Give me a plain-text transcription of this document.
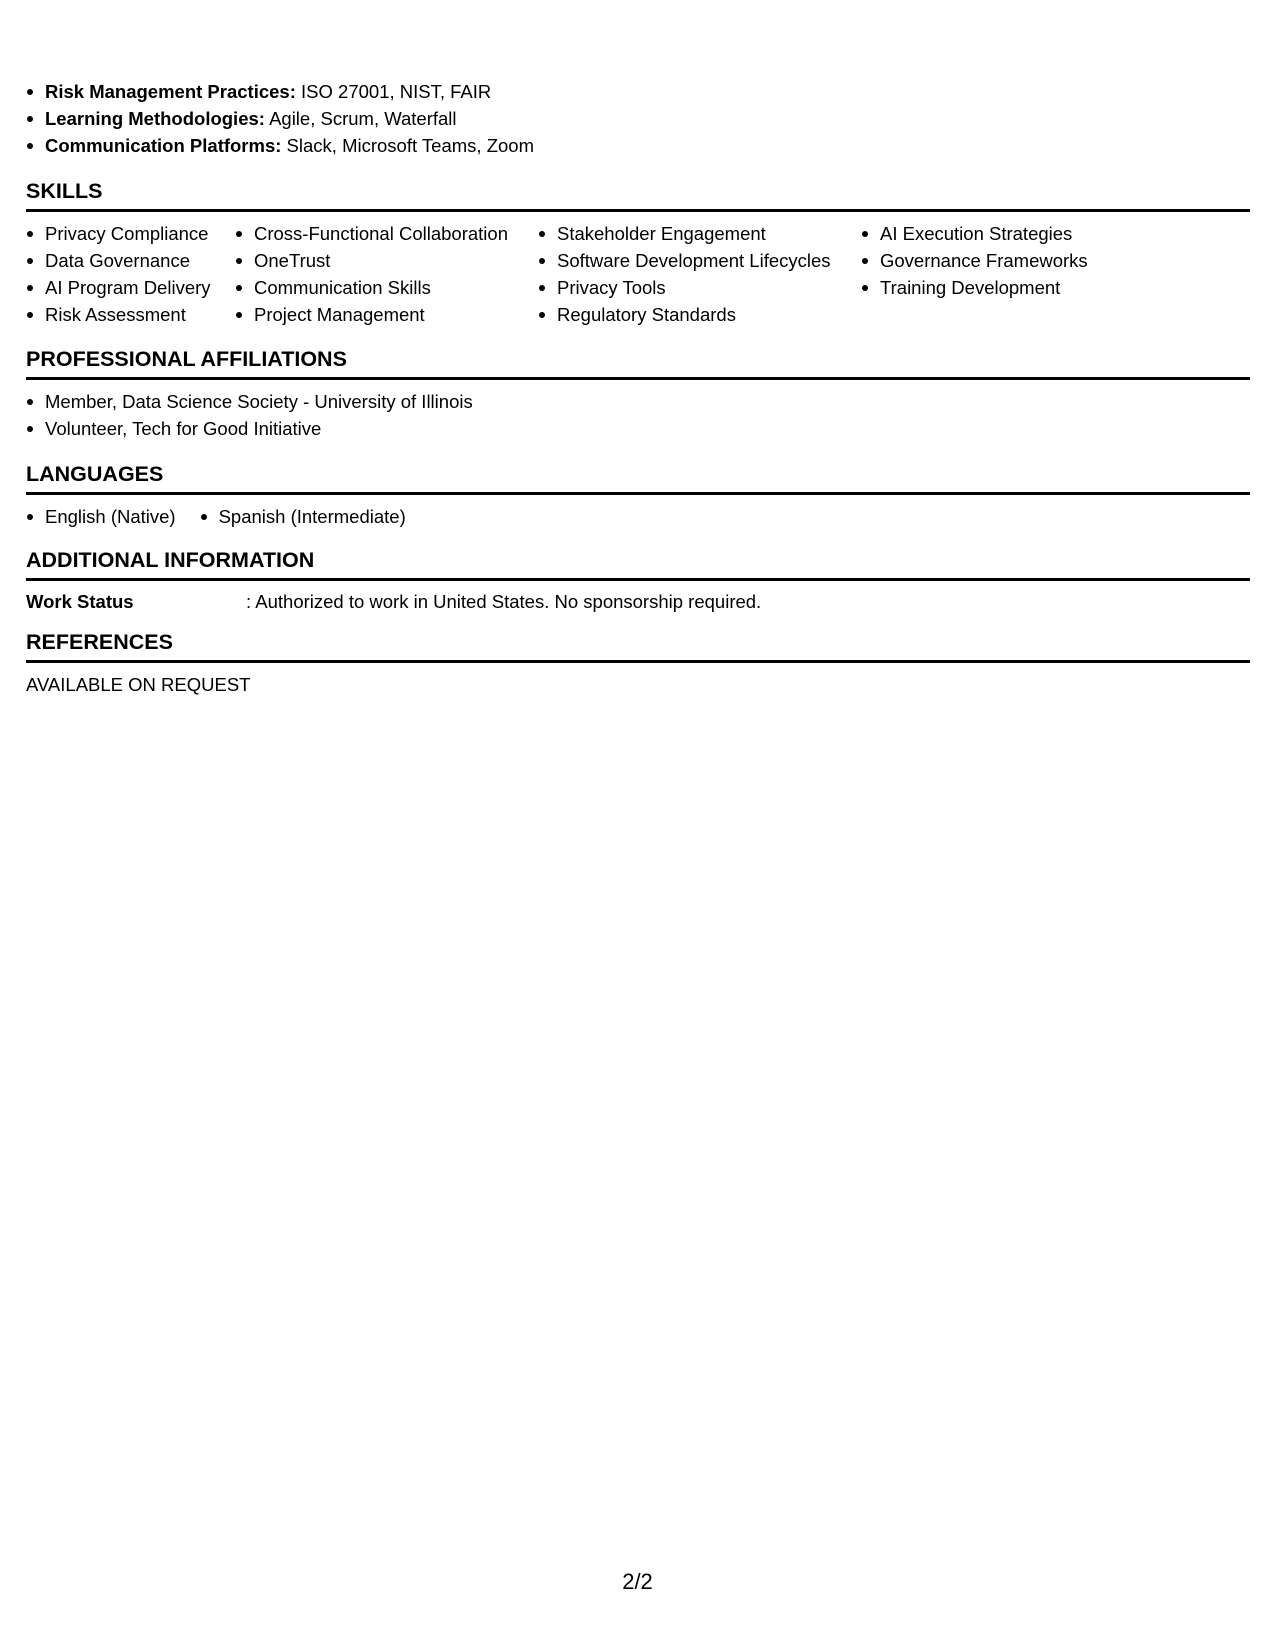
Risk Management Practices: ISO 27001, NIST, FAIR
Learning Methodologies: Agile, Scrum, Waterfall
Communication Platforms: Slack, Microsoft Teams, Zoom
SKILLS
Privacy Compliance
Data Governance
AI Program Delivery
Risk Assessment
Cross-Functional Collaboration
OneTrust
Communication Skills
Project Management
Stakeholder Engagement
Software Development Lifecycles
Privacy Tools
Regulatory Standards
AI Execution Strategies
Governance Frameworks
Training Development
PROFESSIONAL AFFILIATIONS
Member, Data Science Society - University of Illinois
Volunteer, Tech for Good Initiative
LANGUAGES
English (Native)	Spanish (Intermediate)
ADDITIONAL INFORMATION
Work Status	: Authorized to work in United States. No sponsorship required.
REFERENCES
AVAILABLE ON REQUEST
2/2
